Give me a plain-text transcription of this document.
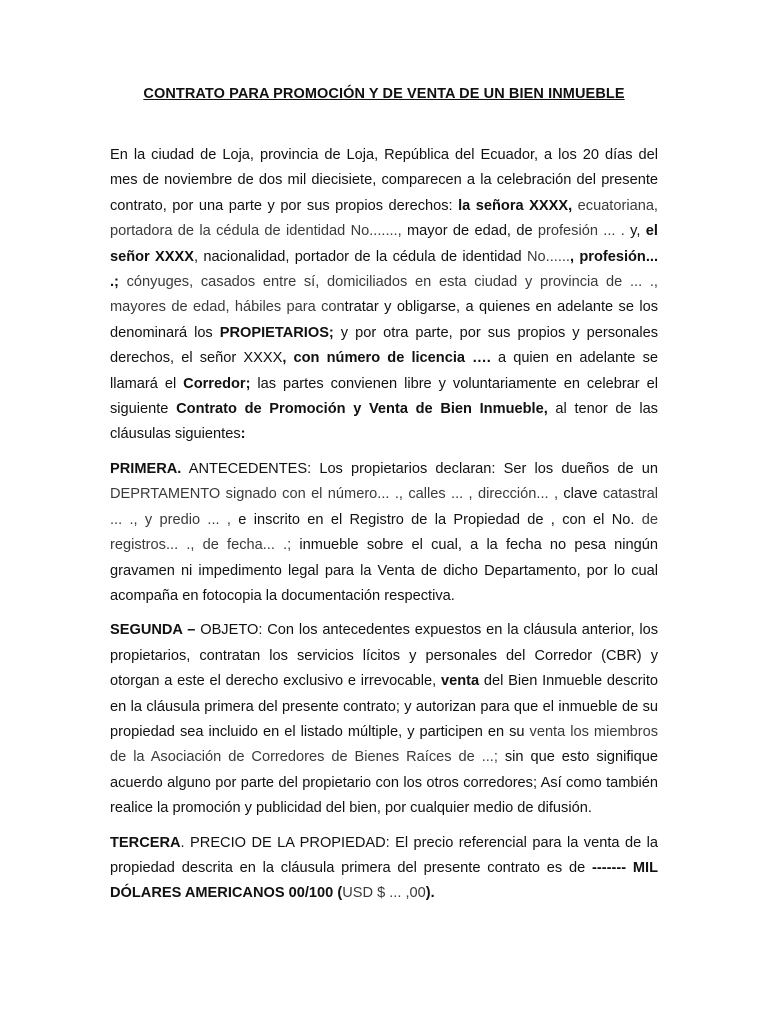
CONTRATO PARA PROMOCIÓN Y DE VENTA DE UN BIEN INMUEBLE

En la ciudad de Loja, provincia de Loja, República del Ecuador, a los 20 días del mes de noviembre de dos mil diecisiete, comparecen a la celebración del presente contrato, por una parte y por sus propios derechos: la señora XXXX, ecuatoriana, portadora de la cédula de identidad No......., mayor de edad, de profesión ... . y, el señor XXXX, nacionalidad, portador de la cédula de identidad No......, profesión... .; cónyuges, casados entre sí, domiciliados en esta ciudad y provincia de ... ., mayores de edad, hábiles para contratar y obligarse, a quienes en adelante se los denominará los PROPIETARIOS; y por otra parte, por sus propios y personales derechos, el señor XXXX, con número de licencia …. a quien en adelante se llamará el Corredor; las partes convienen libre y voluntariamente en celebrar el siguiente Contrato de Promoción y Venta de Bien Inmueble, al tenor de las cláusulas siguientes:

PRIMERA. ANTECEDENTES: Los propietarios declaran: Ser los dueños de un DEPRTAMENTO signado con el número... ., calles ... , dirección... , clave catastral ... ., y predio ... , e inscrito en el Registro de la Propiedad de , con el No. de registros... ., de fecha... .; inmueble sobre el cual, a la fecha no pesa ningún gravamen ni impedimento legal para la Venta de dicho Departamento, por lo cual acompaña en fotocopia la documentación respectiva.

SEGUNDA – OBJETO: Con los antecedentes expuestos en la cláusula anterior, los propietarios, contratan los servicios lícitos y personales del Corredor (CBR) y otorgan a este el derecho exclusivo e irrevocable, venta del Bien Inmueble descrito en la cláusula primera del presente contrato; y autorizan para que el inmueble de su propiedad sea incluido en el listado múltiple, y participen en su venta los miembros de la Asociación de Corredores de Bienes Raíces de ...; sin que esto signifique acuerdo alguno por parte del propietario con los otros corredores; Así como también realice la promoción y publicidad del bien, por cualquier medio de difusión.

TERCERA. PRECIO DE LA PROPIEDAD: El precio referencial para la venta de la propiedad descrita en la cláusula primera del presente contrato es de ------- MIL DÓLARES AMERICANOS 00/100 (USD $ ... ,00).
